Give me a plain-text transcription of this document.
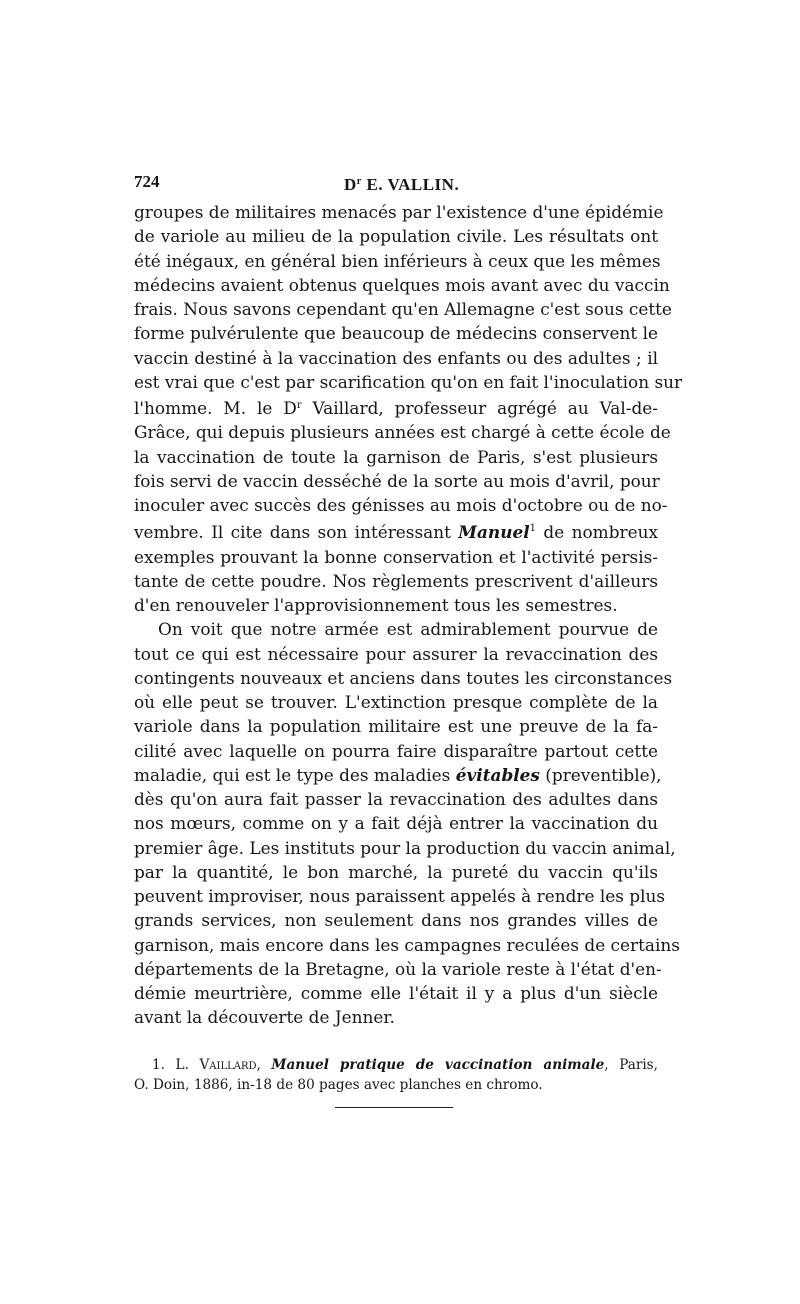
724	$D^r$ E. VALLIN.

groupes de militaires menacés par l'existence d'une épidémie
de variole au milieu de la population civile. Les résultats ont
été inégaux, en général bien inférieurs à ceux que les mêmes
médecins avaient obtenus quelques mois avant avec du vaccin
frais. Nous savons cependant qu'en Allemagne c'est sous cette
forme pulvérulente que beaucoup de médecins conservent le
vaccin destiné à la vaccination des enfants ou des adultes ; il
est vrai que c'est par scarification qu'on en fait l'inoculation sur
l'homme. M. le $D^r$ Vaillard, professeur agrégé au Val-de-
Grâce, qui depuis plusieurs années est chargé à cette école de
la vaccination de toute la garnison de Paris, s'est plusieurs
fois servi de vaccin desséché de la sorte au mois d'avril, pour
inoculer avec succès des génisses au mois d'octobre ou de no-
vembre. Il cite dans son intéressant Manuel$^1$ de nombreux
exemples prouvant la bonne conservation et l'activité persis-
tante de cette poudre. Nos règlements prescrivent d'ailleurs
d'en renouveler l'approvisionnement tous les semestres.

On voit que notre armée est admirablement pourvue de
tout ce qui est nécessaire pour assurer la revaccination des
contingents nouveaux et anciens dans toutes les circonstances
où elle peut se trouver. L'extinction presque complète de la
variole dans la population militaire est une preuve de la fa-
cilité avec laquelle on pourra faire disparaître partout cette
maladie, qui est le type des maladies évitables (preventible),
dès qu'on aura fait passer la revaccination des adultes dans
nos mœurs, comme on y a fait déjà entrer la vaccination du
premier âge. Les instituts pour la production du vaccin animal,
par la quantité, le bon marché, la pureté du vaccin qu'ils
peuvent improviser, nous paraissent appelés à rendre les plus
grands services, non seulement dans nos grandes villes de
garnison, mais encore dans les campagnes reculées de certains
départements de la Bretagne, où la variole reste à l'état d'en-
démie meurtrière, comme elle l'était il y a plus d'un siècle
avant la découverte de Jenner.

1. L. Vaillard, Manuel pratique de vaccination animale, Paris,
O. Doin, 1886, in-18 de 80 pages avec planches en chromo.
